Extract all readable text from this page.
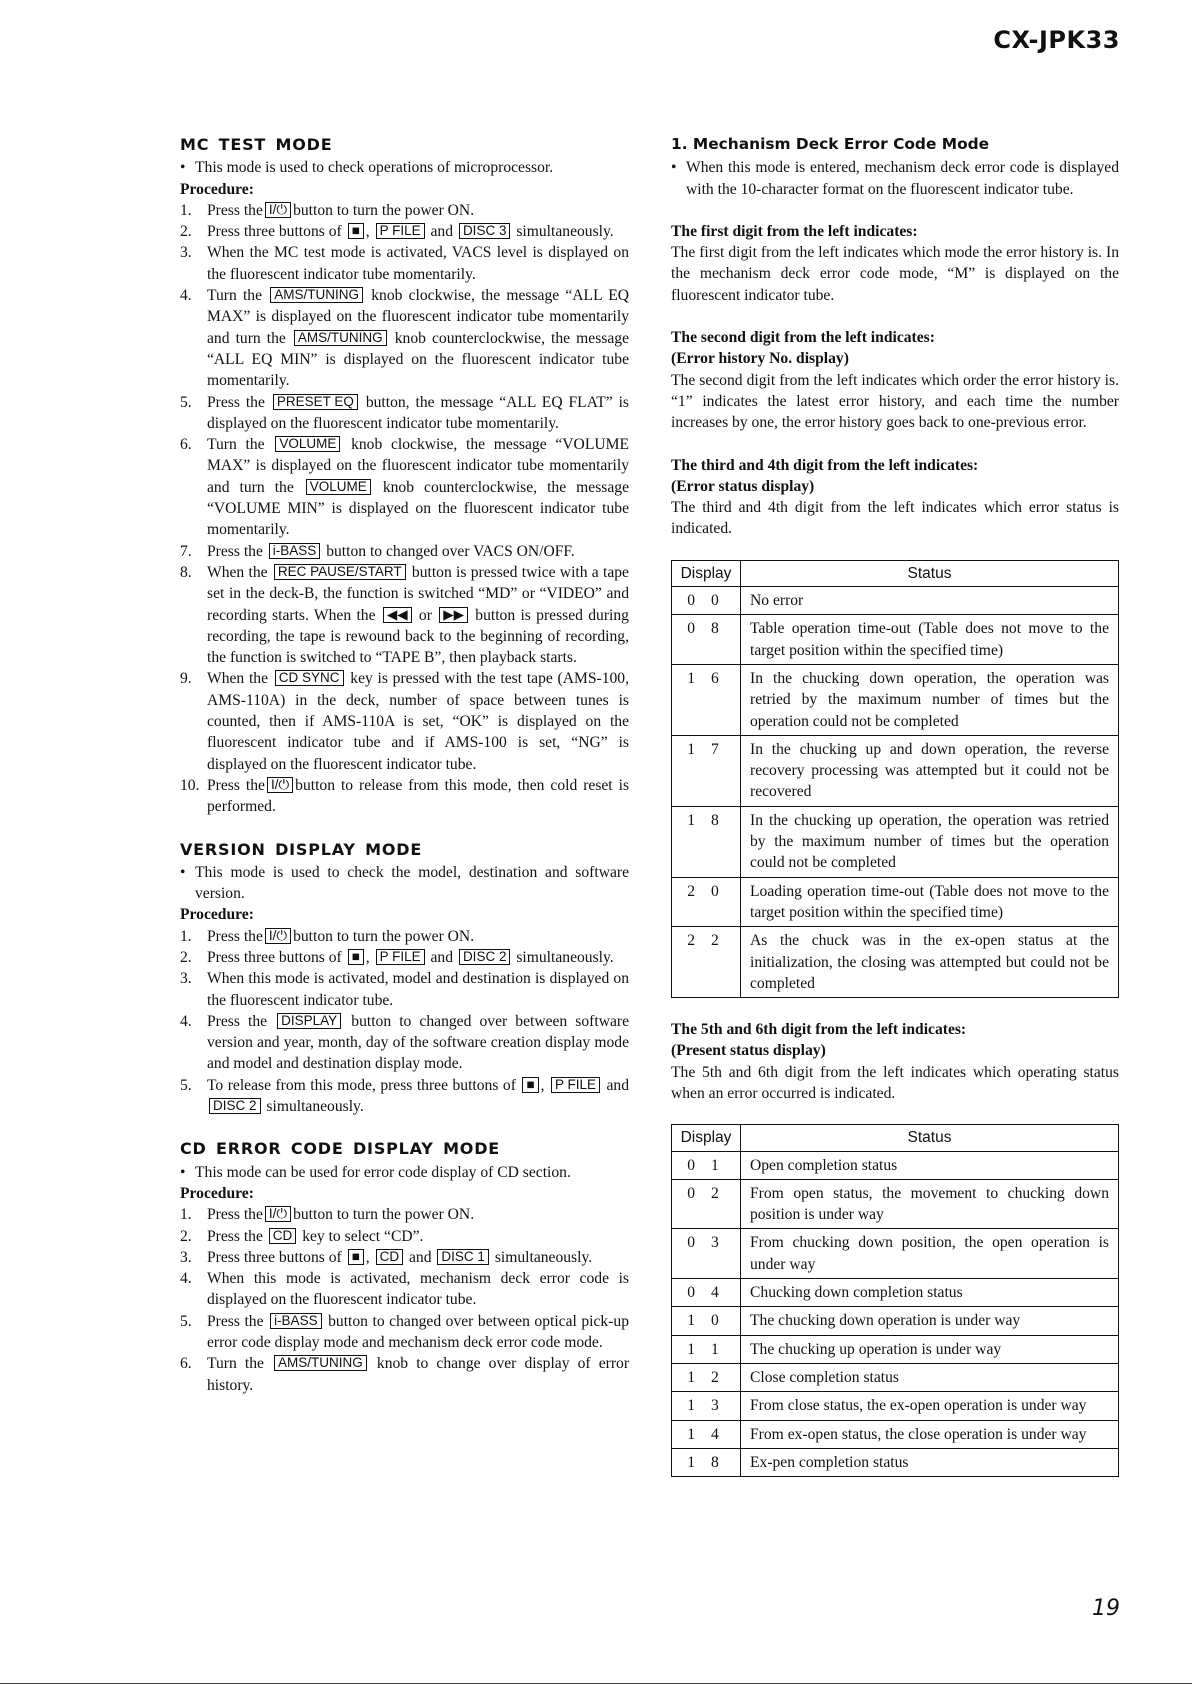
CX-JPK33
MC TEST MODE
• This mode is used to check operations of microprocessor.
Procedure:
1. Press the I/⏻ button to turn the power ON.
2. Press three buttons of ■ , P FILE and DISC 3 simultaneously.
3. When the MC test mode is activated, VACS level is displayed on the fluorescent indicator tube momentarily.
4. Turn the AMS/TUNING knob clockwise, the message “ALL EQ MAX” is displayed on the fluorescent indicator tube momentarily and turn the AMS/TUNING knob counterclockwise, the message “ALL EQ MIN” is displayed on the fluorescent indicator tube momentarily.
5. Press the PRESET EQ button, the message “ALL EQ FLAT” is displayed on the fluorescent indicator tube momentarily.
6. Turn the VOLUME knob clockwise, the message “VOLUME MAX” is displayed on the fluorescent indicator tube momentarily and turn the VOLUME knob counterclockwise, the message “VOLUME MIN” is displayed on the fluorescent indicator tube momentarily.
7. Press the i-BASS button to changed over VACS ON/OFF.
8. When the REC PAUSE/START button is pressed twice with a tape set in the deck-B, the function is switched “MD” or “VIDEO” and recording starts. When the ◀◀ or ▶▶ button is pressed during recording, the tape is rewound back to the beginning of recording, the function is switched to “TAPE B”, then playback starts.
9. When the CD SYNC key is pressed with the test tape (AMS-100, AMS-110A) in the deck, number of space between tunes is counted, then if AMS-110A is set, “OK” is displayed on the fluorescent indicator tube and if AMS-100 is set, “NG” is displayed on the fluorescent indicator tube.
10. Press the I/⏻ button to release from this mode, then cold reset is performed.
VERSION DISPLAY MODE
• This mode is used to check the model, destination and software version.
Procedure:
1. Press the I/⏻ button to turn the power ON.
2. Press three buttons of ■ , P FILE and DISC 2 simultaneously.
3. When this mode is activated, model and destination is displayed on the fluorescent indicator tube.
4. Press the DISPLAY button to changed over between software version and year, month, day of the software creation display mode and model and destination display mode.
5. To release from this mode, press three buttons of ■ , P FILE and DISC 2 simultaneously.
CD ERROR CODE DISPLAY MODE
• This mode can be used for error code display of CD section.
Procedure:
1. Press the I/⏻ button to turn the power ON.
2. Press the CD key to select “CD”.
3. Press three buttons of ■ , CD and DISC 1 simultaneously.
4. When this mode is activated, mechanism deck error code is displayed on the fluorescent indicator tube.
5. Press the i-BASS button to changed over between optical pick-up error code display mode and mechanism deck error code mode.
6. Turn the AMS/TUNING knob to change over display of error history.
1. Mechanism Deck Error Code Mode
• When this mode is entered, mechanism deck error code is displayed with the 10-character format on the fluorescent indicator tube.
The first digit from the left indicates:
The first digit from the left indicates which mode the error history is. In the mechanism deck error code mode, “M” is displayed on the fluorescent indicator tube.
The second digit from the left indicates:
(Error history No. display)
The second digit from the left indicates which order the error history is. “1” indicates the latest error history, and each time the number increases by one, the error history goes back to one-previous error.
The third and 4th digit from the left indicates:
(Error status display)
The third and 4th digit from the left indicates which error status is indicated.
Display	Status
0 0	No error
0 8	Table operation time-out (Table does not move to the target position within the specified time)
1 6	In the chucking down operation, the operation was retried by the maximum number of times but the operation could not be completed
1 7	In the chucking up and down operation, the reverse recovery processing was attempted but it could not be recovered
1 8	In the chucking up operation, the operation was retried by the maximum number of times but the operation could not be completed
2 0	Loading operation time-out (Table does not move to the target position within the specified time)
2 2	As the chuck was in the ex-open status at the initialization, the closing was attempted but could not be completed
The 5th and 6th digit from the left indicates:
(Present status display)
The 5th and 6th digit from the left indicates which operating status when an error occurred is indicated.
Display	Status
0 1	Open completion status
0 2	From open status, the movement to chucking down position is under way
0 3	From chucking down position, the open operation is under way
0 4	Chucking down completion status
1 0	The chucking down operation is under way
1 1	The chucking up operation is under way
1 2	Close completion status
1 3	From close status, the ex-open operation is under way
1 4	From ex-open status, the close operation is under way
1 8	Ex-pen completion status
19
